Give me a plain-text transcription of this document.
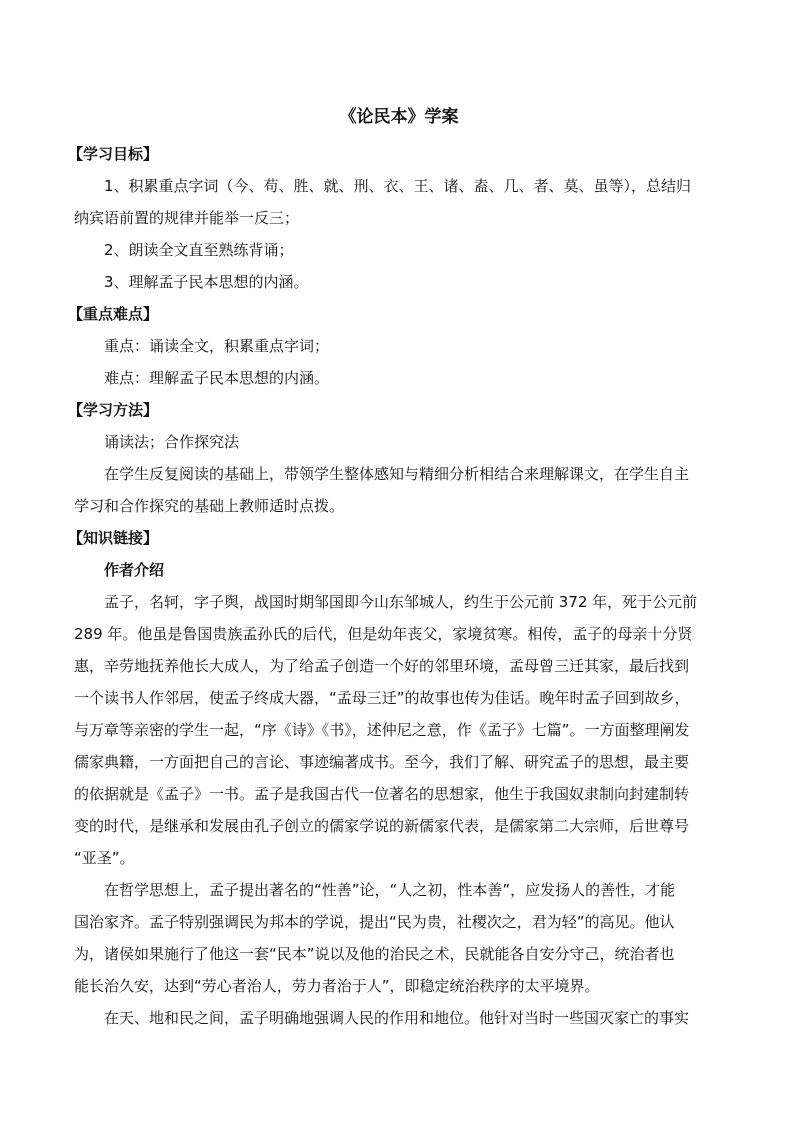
《论民本》学案
【学习目标】
1、积累重点字词（今、苟、胜、就、刑、衣、王、诸、盍、几、者、莫、虽等），总结归
纳宾语前置的规律并能举一反三；
2、朗读全文直至熟练背诵；
3、理解孟子民本思想的内涵。
【重点难点】
重点：诵读全文，积累重点字词；
难点：理解孟子民本思想的内涵。
【学习方法】
诵读法；合作探究法
在学生反复阅读的基础上，带领学生整体感知与精细分析相结合来理解课文，在学生自主
学习和合作探究的基础上教师适时点拨。
【知识链接】
作者介绍
孟子，名轲，字子舆，战国时期邹国即今山东邹城人，约生于公元前 372 年，死于公元前
289 年。他虽是鲁国贵族孟孙氏的后代，但是幼年丧父，家境贫寒。相传，孟子的母亲十分贤
惠，辛劳地抚养他长大成人，为了给孟子创造一个好的邻里环境，孟母曾三迁其家，最后找到
一个读书人作邻居，使孟子终成大器，“孟母三迁”的故事也传为佳话。晚年时孟子回到故乡，
与万章等亲密的学生一起，“序《诗》《书》，述仲尼之意，作《孟子》七篇”。一方面整理阐发
儒家典籍，一方面把自己的言论、事迹编著成书。至今，我们了解、研究孟子的思想，最主要
的依据就是《孟子》一书。孟子是我国古代一位著名的思想家，他生于我国奴隶制向封建制转
变的时代，是继承和发展由孔子创立的儒家学说的新儒家代表，是儒家第二大宗师，后世尊号
“亚圣”。
在哲学思想上，孟子提出著名的“性善”论，“人之初，性本善”，应发扬人的善性，才能
国治家齐。孟子特别强调民为邦本的学说，提出“民为贵，社稷次之，君为轻”的高见。他认
为，诸侯如果施行了他这一套“民本”说以及他的治民之术，民就能各自安分守己，统治者也
能长治久安，达到“劳心者治人，劳力者治于人”，即稳定统治秩序的太平境界。
在天、地和民之间，孟子明确地强调人民的作用和地位。他针对当时一些国灭家亡的事实
